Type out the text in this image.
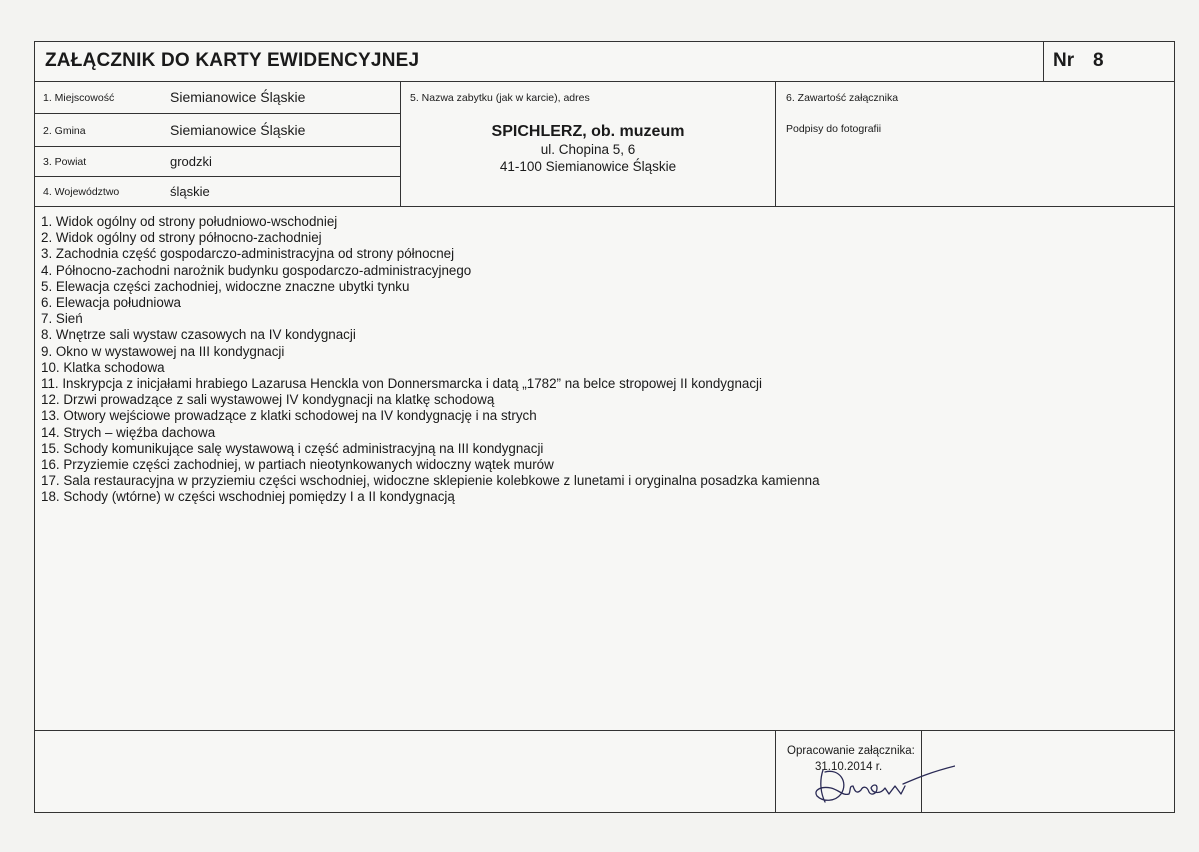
ZAŁĄCZNIK DO KARTY EWIDENCYJNEJ	Nr 8
1. Miejscowość	Siemianowice Śląskie
2. Gmina	Siemianowice Śląskie
3. Powiat	grodzki
4. Województwo	śląskie
5. Nazwa zabytku (jak w karcie), adres
SPICHLERZ, ob. muzeum
ul. Chopina 5, 6
41-100 Siemianowice Śląskie
6. Zawartość załącznika
Podpisy do fotografii
1. Widok ogólny od strony południowo-wschodniej
2. Widok ogólny od strony północno-zachodniej
3. Zachodnia część gospodarczo-administracyjna od strony północnej
4. Północno-zachodni narożnik budynku gospodarczo-administracyjnego
5. Elewacja części zachodniej, widoczne znaczne ubytki tynku
6. Elewacja południowa
7. Sień
8. Wnętrze sali wystaw czasowych na IV kondygnacji
9. Okno w wystawowej na III kondygnacji
10. Klatka schodowa
11. Inskrypcja z inicjałami hrabiego Lazarusa Henckla von Donnersmarcka i datą „1782” na belce stropowej II kondygnacji
12. Drzwi prowadzące z sali wystawowej IV kondygnacji na klatkę schodową
13. Otwory wejściowe prowadzące z klatki schodowej na IV kondygnację i na strych
14. Strych – więźba dachowa
15. Schody komunikujące salę wystawową i część administracyjną na III kondygnacji
16. Przyziemie części zachodniej, w partiach nieotynkowanych widoczny wątek murów
17. Sala restauracyjna w przyziemiu części wschodniej, widoczne sklepienie kolebkowe z lunetami i oryginalna posadzka kamienna
18. Schody (wtórne) w części wschodniej pomiędzy I a II kondygnacją
Opracowanie załącznika:
31.10.2014 r.
